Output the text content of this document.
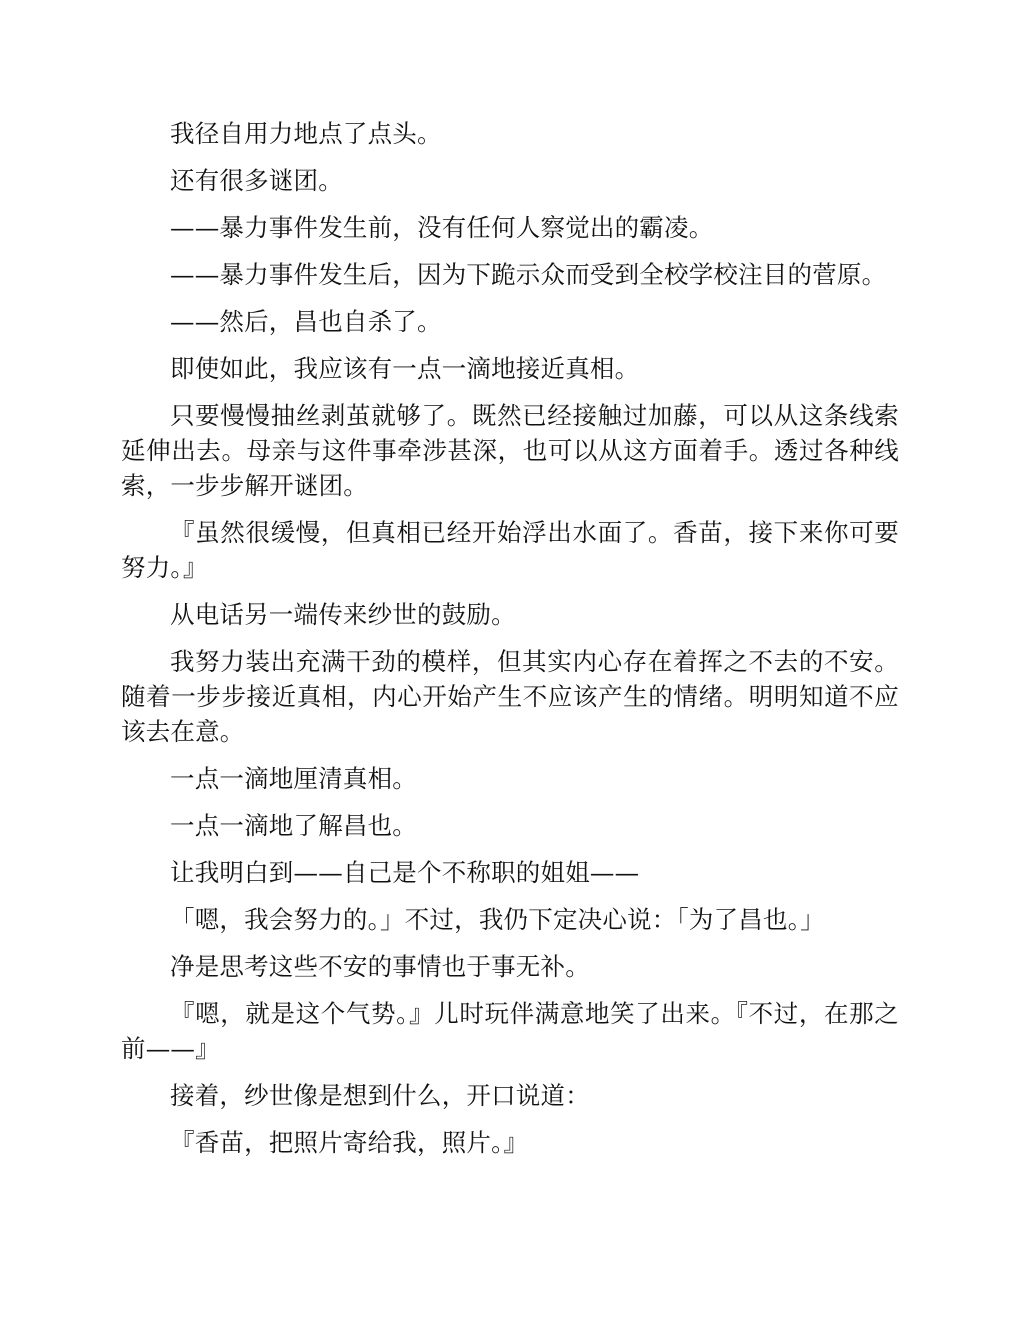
我径自用力地点了点头。

还有很多谜团。

——暴力事件发生前，没有任何人察觉出的霸凌。

——暴力事件发生后，因为下跪示众而受到全校学校注目的菅原。

——然后，昌也自杀了。

即使如此，我应该有一点一滴地接近真相。

只要慢慢抽丝剥茧就够了。既然已经接触过加藤，可以从这条线索延伸出去。母亲与这件事牵涉甚深，也可以从这方面着手。透过各种线索，一步步解开谜团。

『虽然很缓慢，但真相已经开始浮出水面了。香苗，接下来你可要努力。』

从电话另一端传来纱世的鼓励。

我努力装出充满干劲的模样，但其实内心存在着挥之不去的不安。随着一步步接近真相，内心开始产生不应该产生的情绪。明明知道不应该去在意。

一点一滴地厘清真相。

一点一滴地了解昌也。

让我明白到——自己是个不称职的姐姐——

「嗯，我会努力的。」不过，我仍下定决心说：「为了昌也。」

净是思考这些不安的事情也于事无补。

『嗯，就是这个气势。』儿时玩伴满意地笑了出来。『不过，在那之前——』

接着，纱世像是想到什么，开口说道：

『香苗，把照片寄给我，照片。』
